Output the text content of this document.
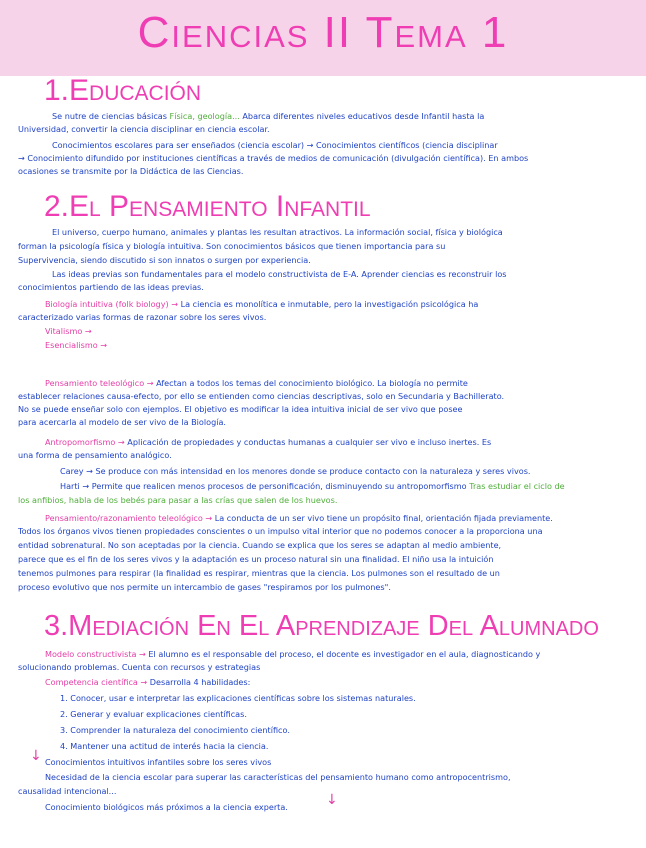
Ciencias II Tema 1
1.Educación
Se nutre de ciencias básicas Física, geología... Abarca diferentes niveles educativos desde Infantil hasta la
Universidad, convertir la ciencia disciplinar en ciencia escolar.
Conocimientos escolares para ser enseñados (ciencia escolar) → Conocimientos científicos (ciencia disciplinar
→ Conocimiento difundido por instituciones científicas a través de medios de comunicación (divulgación científica). En ambos
ocasiones se transmite por la Didáctica de las Ciencias.
2.El Pensamiento Infantil
El universo, cuerpo humano, animales y plantas les resultan atractivos. La información social, física y biológica
forman la psicología física y biología intuitiva. Son conocimientos básicos que tienen importancia para su
Supervivencia, siendo discutido si son innatos o surgen por experiencia.
Las ideas previas son fundamentales para el modelo constructivista de E-A. Aprender ciencias es reconstruir los
conocimientos partiendo de las ideas previas.
Biología intuitiva (folk biology) → La ciencia es monolítica e inmutable, pero la investigación psicológica ha
caracterizado varias formas de razonar sobre los seres vivos.
Vitalismo →
Esencialismo →
Pensamiento teleológico → Afectan a todos los temas del conocimiento biológico. La biología no permite
establecer relaciones causa-efecto, por ello se entienden como ciencias descriptivas, solo en Secundaria y Bachillerato.
No se puede enseñar solo con ejemplos. El objetivo es modificar la idea intuitiva inicial de ser vivo que posee
para acercarla al modelo de ser vivo de la Biología.
Antropomorfismo → Aplicación de propiedades y conductas humanas a cualquier ser vivo e incluso inertes. Es
una forma de pensamiento analógico.
Carey → Se produce con más intensidad en los menores donde se produce contacto con la naturaleza y seres vivos.
Harti → Permite que realicen menos procesos de personificación, disminuyendo su antropomorfismo Tras estudiar el ciclo de
los anfibios, habla de los bebés para pasar a las crías que salen de los huevos.
Pensamiento/razonamiento teleológico → La conducta de un ser vivo tiene un propósito final, orientación fijada previamente.
Todos los órganos vivos tienen propiedades conscientes o un impulso vital interior que no podemos conocer a la proporciona una
entidad sobrenatural. No son aceptadas por la ciencia. Cuando se explica que los seres se adaptan al medio ambiente,
parece que es el fin de los seres vivos y la adaptación es un proceso natural sin una finalidad. El niño usa la intuición
tenemos pulmones para respirar (la finalidad es respirar, mientras que la ciencia. Los pulmones son el resultado de un
proceso evolutivo que nos permite un intercambio de gases "respiramos por los pulmones".
3.Mediación En El Aprendizaje Del Alumnado
Modelo constructivista → El alumno es el responsable del proceso, el docente es investigador en el aula, diagnosticando y
solucionando problemas. Cuenta con recursos y estrategias
Competencia científica → Desarrolla 4 habilidades:
1. Conocer, usar e interpretar las explicaciones científicas sobre los sistemas naturales.
2. Generar y evaluar explicaciones científicas.
3. Comprender la naturaleza del conocimiento científico.
4. Mantener una actitud de interés hacia la ciencia.
↓ Conocimientos intuitivos infantiles sobre los seres vivos
Necesidad de la ciencia escolar para superar las características del pensamiento humano como antropocentrismo,
causalidad intencional...
Conocimiento biológicos más próximos a la ciencia experta.	↓
